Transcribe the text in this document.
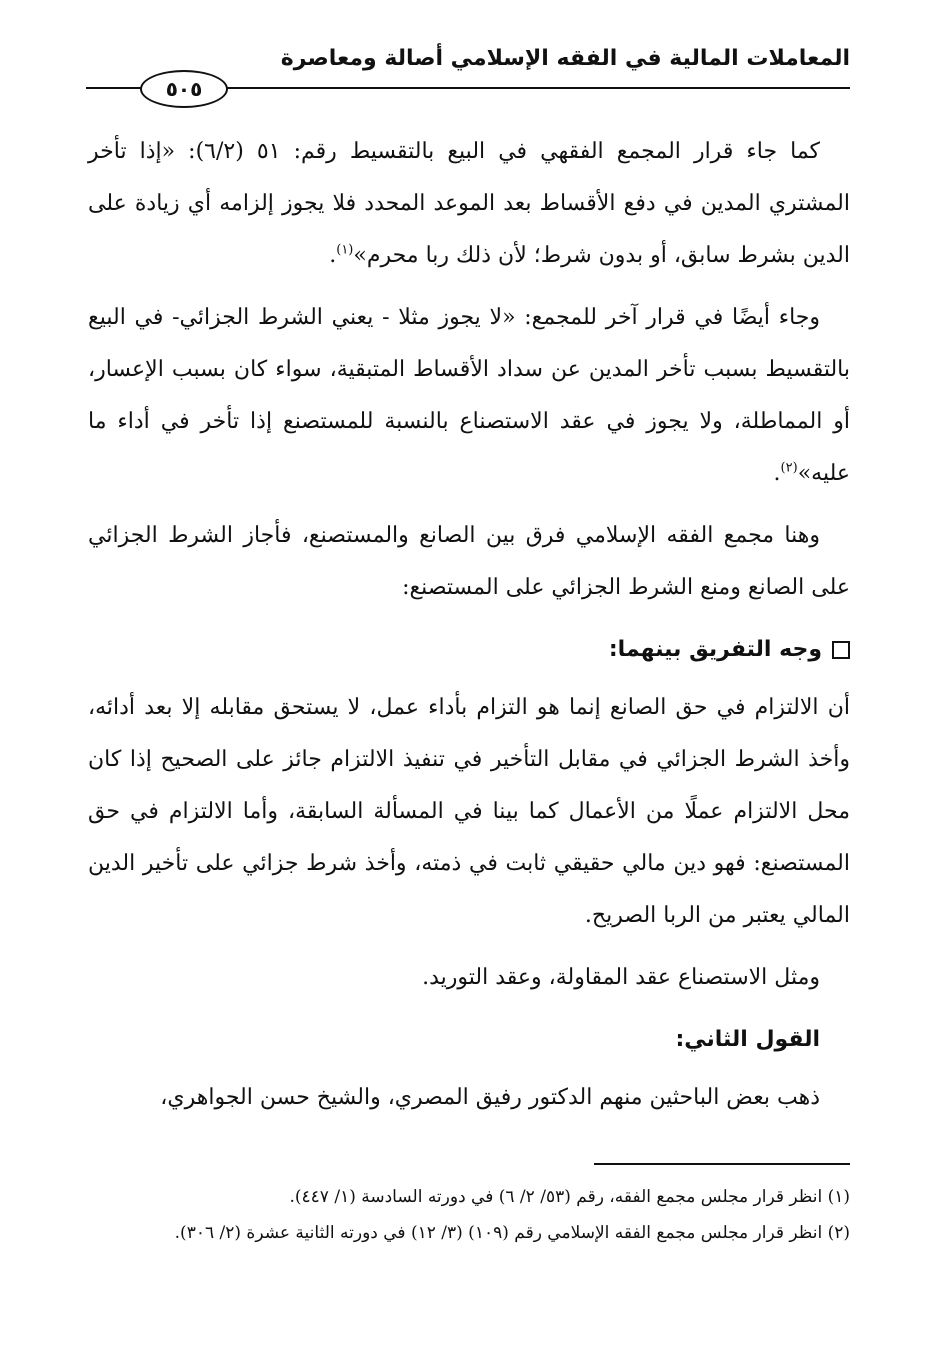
المعاملات المالية في الفقه الإسلامي أصالة ومعاصرة
٥٠٥

كما جاء قرار المجمع الفقهي في البيع بالتقسيط رقم: ٥١ (٦/٢): «إذا تأخر المشتري المدين في دفع الأقساط بعد الموعد المحدد فلا يجوز إلزامه أي زيادة على الدين بشرط سابق، أو بدون شرط؛ لأن ذلك ربا محرم»$^{(١)}$.

وجاء أيضًا في قرار آخر للمجمع: «لا يجوز مثلا - يعني الشرط الجزائي- في البيع بالتقسيط بسبب تأخر المدين عن سداد الأقساط المتبقية، سواء كان بسبب الإعسار، أو المماطلة، ولا يجوز في عقد الاستصناع بالنسبة للمستصنع إذا تأخر في أداء ما عليه»$^{(٢)}$.

وهنا مجمع الفقه الإسلامي فرق بين الصانع والمستصنع، فأجاز الشرط الجزائي على الصانع ومنع الشرط الجزائي على المستصنع:

وجه التفريق بينهما:

أن الالتزام في حق الصانع إنما هو التزام بأداء عمل، لا يستحق مقابله إلا بعد أدائه، وأخذ الشرط الجزائي في مقابل التأخير في تنفيذ الالتزام جائز على الصحيح إذا كان محل الالتزام عملًا من الأعمال كما بينا في المسألة السابقة، وأما الالتزام في حق المستصنع: فهو دين مالي حقيقي ثابت في ذمته، وأخذ شرط جزائي على تأخير الدين المالي يعتبر من الربا الصريح.

ومثل الاستصناع عقد المقاولة، وعقد التوريد.

القول الثاني:

ذهب بعض الباحثين منهم الدكتور رفيق المصري، والشيخ حسن الجواهري،

(١) انظر قرار مجلس مجمع الفقه، رقم (٥٣/ ٢/ ٦) في دورته السادسة (١/ ٤٤٧).
(٢) انظر قرار مجلس مجمع الفقه الإسلامي رقم (١٠٩) (٣/ ١٢) في دورته الثانية عشرة (٢/ ٣٠٦).
